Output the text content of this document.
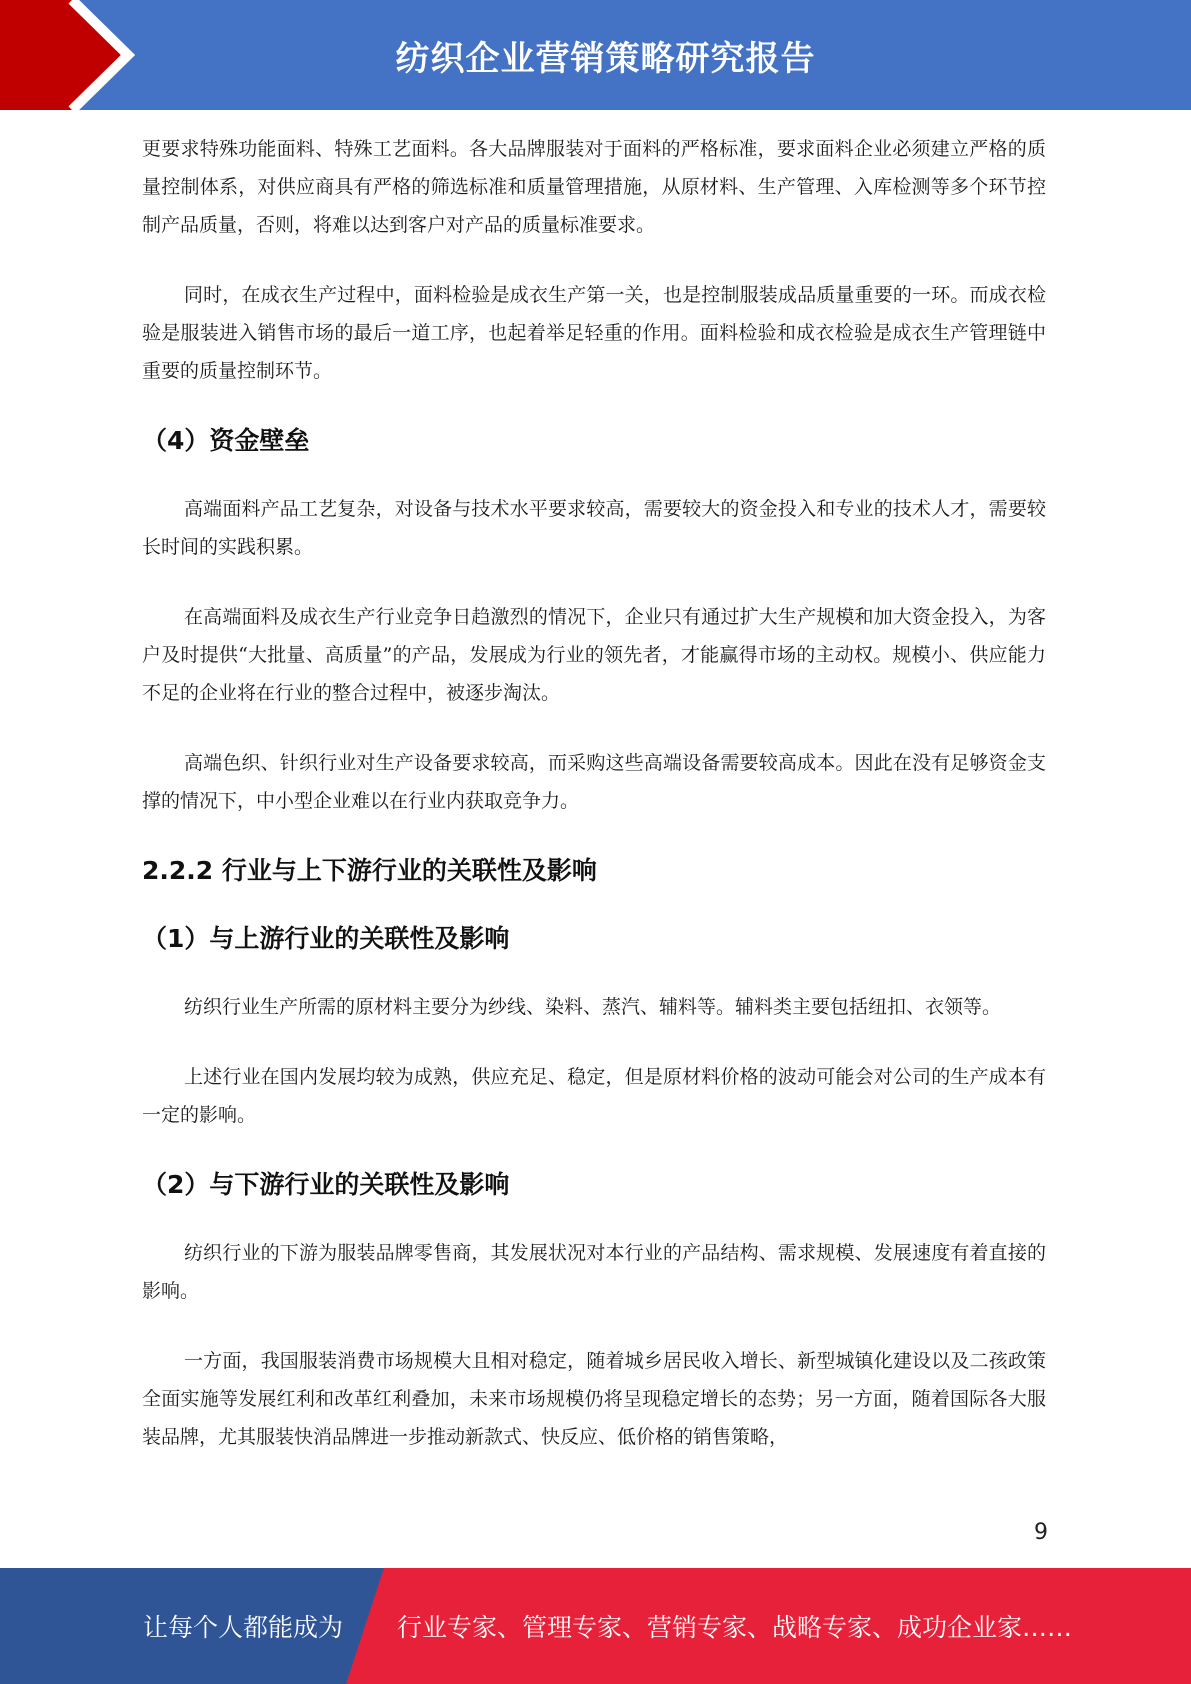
纺织企业营销策略研究报告

更要求特殊功能面料、特殊工艺面料。各大品牌服装对于面料的严格标准，要求面料企业必须建立严格的质量控制体系，对供应商具有严格的筛选标准和质量管理措施，从原材料、生产管理、入库检测等多个环节控制产品质量，否则，将难以达到客户对产品的质量标准要求。

同时，在成衣生产过程中，面料检验是成衣生产第一关，也是控制服装成品质量重要的一环。而成衣检验是服装进入销售市场的最后一道工序，也起着举足轻重的作用。面料检验和成衣检验是成衣生产管理链中重要的质量控制环节。

（4）资金壁垒

高端面料产品工艺复杂，对设备与技术水平要求较高，需要较大的资金投入和专业的技术人才，需要较长时间的实践积累。

在高端面料及成衣生产行业竞争日趋激烈的情况下，企业只有通过扩大生产规模和加大资金投入，为客户及时提供“大批量、高质量”的产品，发展成为行业的领先者，才能赢得市场的主动权。规模小、供应能力不足的企业将在行业的整合过程中，被逐步淘汰。

高端色织、针织行业对生产设备要求较高，而采购这些高端设备需要较高成本。因此在没有足够资金支撑的情况下，中小型企业难以在行业内获取竞争力。

2.2.2 行业与上下游行业的关联性及影响
（1）与上游行业的关联性及影响

纺织行业生产所需的原材料主要分为纱线、染料、蒸汽、辅料等。辅料类主要包括纽扣、衣领等。

上述行业在国内发展均较为成熟，供应充足、稳定，但是原材料价格的波动可能会对公司的生产成本有一定的影响。

（2）与下游行业的关联性及影响

纺织行业的下游为服装品牌零售商，其发展状况对本行业的产品结构、需求规模、发展速度有着直接的影响。

一方面，我国服装消费市场规模大且相对稳定，随着城乡居民收入增长、新型城镇化建设以及二孩政策全面实施等发展红利和改革红利叠加，未来市场规模仍将呈现稳定增长的态势；另一方面，随着国际各大服装品牌，尤其服装快消品牌进一步推动新款式、快反应、低价格的销售策略，

9
让每个人都能成为 行业专家、管理专家、营销专家、战略专家、成功企业家……
